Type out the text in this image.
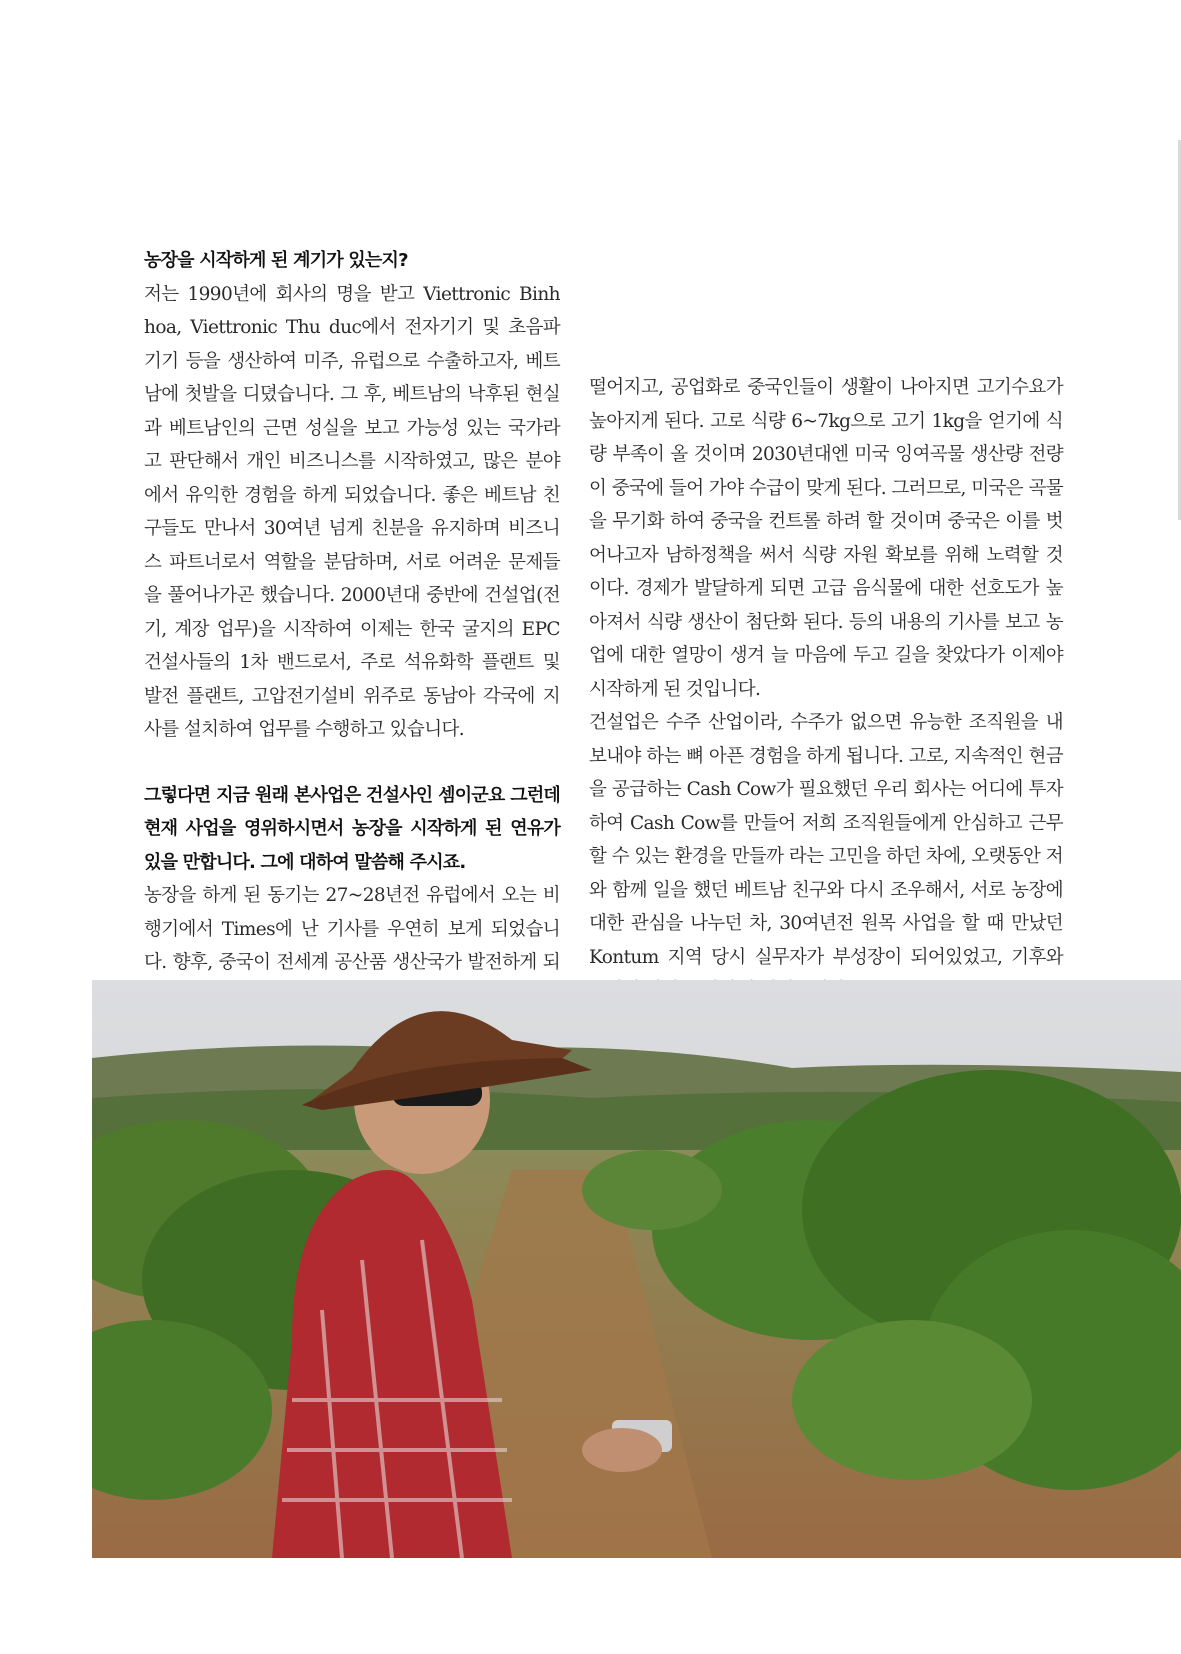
농장을 시작하게 된 계기가 있는지?

저는 1990년에 회사의 명을 받고 Viettronic Binh hoa, Viettronic Thu duc에서 전자기기 및 초음파 기기 등을 생산하여 미주, 유럽으로 수출하고자, 베트남에 첫발을 디뎠습니다. 그 후, 베트남의 낙후된 현실과 베트남인의 근면 성실을 보고 가능성 있는 국가라고 판단해서 개인 비즈니스를 시작하였고, 많은 분야에서 유익한 경험을 하게 되었습니다. 좋은 베트남 친구들도 만나서 30여년 넘게 친분을 유지하며 비즈니스 파트너로서 역할을 분담하며, 서로 어려운 문제들을 풀어나가곤 했습니다. 2000년대 중반에 건설업(전기, 계장 업무)을 시작하여 이제는 한국 굴지의 EPC 건설사들의 1차 밴드로서, 주로 석유화학 플랜트 및 발전 플랜트, 고압전기설비 위주로 동남아 각국에 지사를 설치하여 업무를 수행하고 있습니다.

그렇다면 지금 원래 본사업은 건설사인 셈이군요 그런데 현재 사업을 영위하시면서 농장을 시작하게 된 연유가 있을 만합니다. 그에 대하여 말씀해 주시죠.

농장을 하게 된 동기는 27~28년전 유럽에서 오는 비행기에서 Times에 난 기사를 우연히 보게 되었습니다. 향후, 중국이 전세계 공산품 생산국가 발전하게 되

떨어지고, 공업화로 중국인들이 생활이 나아지면 고기수요가 높아지게 된다. 고로 식량 6~7kg으로 고기 1kg을 얻기에 식량 부족이 올 것이며 2030년대엔 미국 잉여곡물 생산량 전량이 중국에 들어 가야 수급이 맞게 된다. 그러므로, 미국은 곡물을 무기화 하여 중국을 컨트롤 하려 할 것이며 중국은 이를 벗어나고자 남하정책을 써서 식량 자원 확보를 위해 노력할 것이다. 경제가 발달하게 되면 고급 음식물에 대한 선호도가 높아져서 식량 생산이 첨단화 된다. 등의 내용의 기사를 보고 농업에 대한 열망이 생겨 늘 마음에 두고 길을 찾았다가 이제야 시작하게 된 것입니다.

건설업은 수주 산업이라, 수주가 없으면 유능한 조직원을 내보내야 하는 뼈 아픈 경험을 하게 됩니다. 고로, 지속적인 현금을 공급하는 Cash Cow가 필요했던 우리 회사는 어디에 투자하여 Cash Cow를 만들어 저희 조직원들에게 안심하고 근무할 수 있는 환경을 만들까 라는 고민을 하던 차에, 오랫동안 저와 함께 일을 했던 베트남 친구와 다시 조우해서, 서로 농장에 대한 관심을 나누던 차, 30여년전 원목 사업을 할 때 만났던 Kontum 지역 당시 실무자가 부성장이 되어있었고, 기후와
